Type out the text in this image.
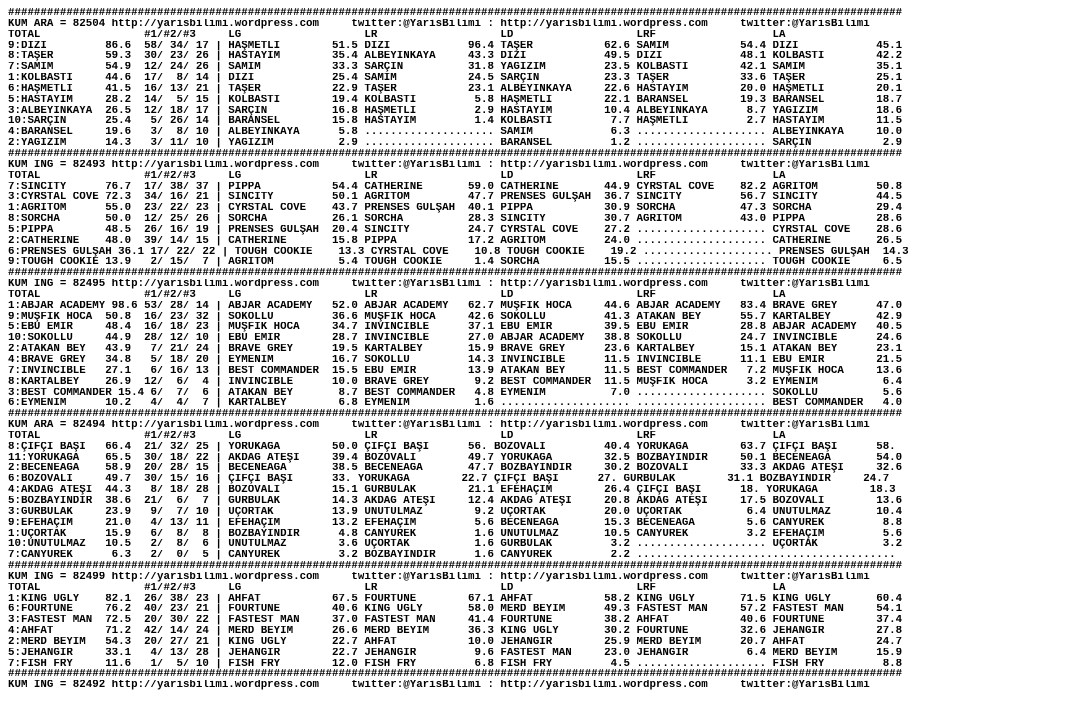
##########################################################################################################################################
KUM ARA = 82504 http://yarisbilimi.wordpress.com     twitter:@YarisBilimi : http://yarisbilimi.wordpress.com     twitter:@YarisBilimi
TOTAL                #1/#2/#3     LG                   LR                   LD                   LRF                  LA
9:DIZİ         86.6  58/ 34/ 17 | HAŞMETLİ        51.5 DIZİ            96.4 TAŞER           62.6 SAMİM           54.4 DIZİ            45.1
8:TAŞER        59.3  30/ 23/ 26 | HASTAYIM        35.4 ALBEYİNKAYA     43.3 DIZİ            49.5 DIZİ            48.1 KOLBASTI        42.2
7:SAMİM        54.9  12/ 24/ 26 | SAMİM           33.3 SARÇIN          31.8 YAĞIZIM         23.5 KOLBASTI        42.1 SAMİM           35.1
1:KOLBASTI     44.6  17/  8/ 14 | DIZİ            25.4 SAMİM           24.5 SARÇIN          23.3 TAŞER           33.6 TAŞER           25.1
6:HAŞMETLİ     41.5  16/ 13/ 21 | TAŞER           22.9 TAŞER           23.1 ALBEYİNKAYA     22.6 HASTAYIM        20.0 HAŞMETLİ        20.1
5:HASTAYIM     28.2  14/  5/ 15 | KOLBASTI        19.4 KOLBASTI         5.8 HAŞMETLİ        22.1 BARANSEL        19.3 BARANSEL        18.7
3:ALBEYİNKAYA  26.5  12/ 18/ 17 | SARÇIN          16.8 HAŞMETLİ         2.9 HASTAYIM        10.4 ALBEYİNKAYA      8.7 YAĞIZIM         18.6
10:SARÇIN      25.4   5/ 26/ 14 | BARANSEL        15.8 HASTAYIM         1.4 KOLBASTI         7.7 HAŞMETLİ         2.7 HASTAYIM        11.5
4:BARANSEL     19.6   3/  8/ 10 | ALBEYİNKAYA      5.8 .................... SAMİM            6.3 .................... ALBEYİNKAYA     10.0
2:YAĞIZIM      14.3   3/ 11/ 10 | YAĞIZIM          2.9 .................... BARANSEL         1.2 .................... SARÇIN           2.9
##########################################################################################################################################
KUM İNG = 82493 http://yarisbilimi.wordpress.com     twitter:@YarisBilimi : http://yarisbilimi.wordpress.com     twitter:@YarisBilimi
TOTAL                #1/#2/#3     LG                   LR                   LD                   LRF                  LA
7:SINCITY      76.7  17/ 38/ 37 | PIPPA           54.4 CATHERINE       59.0 CATHERINE       44.9 CYRSTAL COVE    82.2 AGRITOM         50.8
3:CYRSTAL COVE 72.3  34/ 16/ 21 | SINCITY         50.1 AGRITOM         47.7 PRENSES GÜLŞAH  36.7 SINCITY         56.7 SINCITY         44.5
1:AGRITOM      55.0  23/ 22/ 23 | CYRSTAL COVE    43.7 PRENSES GÜLŞAH  40.1 PIPPA           30.9 SORCHA          47.3 SORCHA          29.4
8:SORCHA       50.0  12/ 25/ 26 | SORCHA          26.1 SORCHA          28.3 SINCITY         30.7 AGRITOM         43.0 PIPPA           28.6
5:PIPPA        48.5  26/ 16/ 19 | PRENSES GÜLŞAH  20.4 SINCITY         24.7 CYRSTAL COVE    27.2 .................... CYRSTAL COVE    28.6
2:CATHERINE    48.0  39/ 14/ 15 | CATHERINE       15.8 PIPPA           17.2 AGRITOM         24.0 .................... CATHERINE       26.5
6:PRENSES GÜLŞAH 36.1 17/ 22/ 22 | TOUGH COOKIE    13.3 CYRSTAL COVE    10.8 TOUGH COOKIE    19.2 .................... PRENSES GÜLŞAH  14.3
9:TOUGH COOKIE 13.9   2/ 15/  7 | AGRITOM          5.4 TOUGH COOKIE     1.4 SORCHA          15.5 .................... TOUGH COOKIE     6.5
##########################################################################################################################################
KUM İNG = 82495 http://yarisbilimi.wordpress.com     twitter:@YarisBilimi : http://yarisbilimi.wordpress.com     twitter:@YarisBilimi
TOTAL                #1/#2/#3     LG                   LR                   LD                   LRF                  LA
1:ABJAR ACADEMY 98.6 53/ 28/ 14 | ABJAR ACADEMY   52.0 ABJAR ACADEMY   62.7 MÜŞFİK HOCA     44.6 ABJAR ACADEMY   83.4 BRAVE GREY      47.0
9:MÜŞFİK HOCA  50.8  16/ 23/ 32 | SOKOLLU         36.6 MÜŞFİK HOCA     42.6 SOKOLLU         41.3 ATAKAN BEY      55.7 KARTALBEY       42.9
5:EBU EMİR     48.4  16/ 18/ 23 | MÜŞFİK HOCA     34.7 INVINCIBLE      37.1 EBU EMİR        39.5 EBU EMİR        28.8 ABJAR ACADEMY   40.5
10:SOKOLLU     44.9  28/ 12/ 10 | EBU EMİR        28.7 INVINCIBLE      27.0 ABJAR ACADEMY   38.8 SOKOLLU         24.7 INVINCIBLE      24.6
2:ATAKAN BEY   43.9   7/ 21/ 24 | BRAVE GREY      19.5 KARTALBEY       15.9 BRAVE GREY      23.6 KARTALBEY       15.1 ATAKAN BEY      23.1
4:BRAVE GREY   34.8   5/ 18/ 20 | EYMENİM         16.7 SOKOLLU         14.3 INVINCIBLE      11.5 INVINCIBLE      11.1 EBU EMİR        21.5
7:INVINCIBLE   27.1   6/ 16/ 13 | BEST COMMANDER  15.5 EBU EMİR        13.9 ATAKAN BEY      11.5 BEST COMMANDER   7.2 MÜŞFİK HOCA     13.6
8:KARTALBEY    26.9  12/  6/  4 | INVINCIBLE      10.0 BRAVE GREY       9.2 BEST COMMANDER  11.5 MÜŞFİK HOCA      3.2 EYMENİM          6.4
3:BEST COMMANDER 15.4 6/  7/  6 | ATAKAN BEY       8.7 BEST COMMANDER   4.8 EYMENİM          7.0 .................... SOKOLLU          5.6
6:EYMENİM      10.2   4/  4/  7 | KARTALBEY        6.8 EYMENİM          1.6 .................... .................... BEST COMMANDER   4.0
##########################################################################################################################################
KUM ARA = 82494 http://yarisbilimi.wordpress.com     twitter:@YarisBilimi : http://yarisbilimi.wordpress.com     twitter:@YarisBilimi
TOTAL                #1/#2/#3     LG                   LR                   LD                   LRF                  LA
8:ÇİFÇİ BAŞI   66.4  21/ 32/ 25 | YÖRÜKAĞA        50.0 ÇİFÇİ BAŞI      56. BOZOVALI         40.4 YÖRÜKAĞA        63.7 ÇİFÇİ BAŞI      58.
11:YÖRÜKAĞA    65.5  30/ 18/ 22 | AKDAĞ ATEŞİ     39.4 BOZOVALI        49.7 YÖRÜKAĞA        32.5 BOZBAYINDIR     50.1 BECENEAĞA       54.0
2:BECENEAĞA    58.9  20/ 28/ 15 | BECENEAĞA       38.5 BECENEAĞA       47.7 BOZBAYINDIR     30.2 BOZOVALI        33.3 AKDAĞ ATEŞİ     32.6
6:BOZOVALI     49.7  30/ 15/ 16 | ÇİFÇİ BAŞI      33. YÖRÜKAĞA        22.7 ÇİFÇİ BAŞI      27. GÜRBULAK        31.1 BOZBAYINDIR     24.7
4:AKDAĞ ATEŞİ  44.3   8/ 18/ 28 | BOZOVALI        15.1 GÜRBULAK        21.1 EFEHAÇİM        26.4 ÇİFÇİ BAŞI      18. YÖRÜKAĞA        18.3
5:BOZBAYINDIR  38.6  21/  6/  7 | GÜRBULAK        14.3 AKDAĞ ATEŞİ     12.4 AKDAĞ ATEŞİ     20.8 AKDAĞ ATEŞİ     17.5 BOZOVALI        13.6
3:GÜRBULAK     23.9   9/  7/ 10 | UÇORTAK         13.9 UNUTULMAZ        9.2 UÇORTAK         20.0 UÇORTAK          6.4 UNUTULMAZ       10.4
9:EFEHAÇİM     21.0   4/ 13/ 11 | EFEHAÇİM        13.2 EFEHAÇİM         5.6 BECENEAĞA       15.3 BECENEAĞA        5.6 CANYÜREK         8.8
1:UÇORTAK      15.9   6/  8/  8 | BOZBAYINDIR      4.8 CANYÜREK         1.6 UNUTULMAZ       10.5 CANYÜREK         3.2 EFEHAÇİM         5.6
10:ÜNUTULMAZ   10.5   2/  8/  6 | UNUTULMAZ        3.6 UÇORTAK          1.6 GÜRBULAK         3.2 .................... UÇORTAK          3.2
7:CANYÜREK      6.3   2/  0/  5 | CANYÜREK         3.2 BOZBAYINDIR      1.6 CANYÜREK         2.2 ........................................
##########################################################################################################################################
KUM İNG = 82499 http://yarisbilimi.wordpress.com     twitter:@YarisBilimi : http://yarisbilimi.wordpress.com     twitter:@YarisBilimi
TOTAL                #1/#2/#3     LG                   LR                   LD                   LRF                  LA
1:KING UGLY    82.1  26/ 38/ 23 | AHFAT           67.5 FOURTUNE        67.1 AHFAT           58.2 KING UGLY       71.5 KING UGLY       60.4
6:FOURTUNE     76.2  40/ 23/ 21 | FOURTUNE        40.6 KING UGLY       58.0 MERD BEYİM      49.3 FASTEST MAN     57.2 FASTEST MAN     54.1
3:FASTEST MAN  72.5  20/ 30/ 22 | FASTEST MAN     37.0 FASTEST MAN     41.4 FOURTUNE        38.2 AHFAT           40.6 FOURTUNE        37.4
4:AHFAT        71.2  42/ 14/ 24 | MERD BEYİM      26.6 MERD BEYİM      36.3 KING UGLY       30.2 FOURTUNE        32.6 JEHANGIR        27.8
2:MERD BEYİM   54.3  20/ 27/ 21 | KING UGLY       22.7 AHFAT           10.0 JEHANGIR        25.9 MERD BEYİM      20.7 AHFAT           24.7
5:JEHANGIR     33.1   4/ 13/ 28 | JEHANGIR        22.7 JEHANGIR         9.6 FASTEST MAN     23.0 JEHANGIR         6.4 MERD BEYİM      15.9
7:FISH FRY     11.6   1/  5/ 10 | FISH FRY        12.0 FISH FRY         6.8 FISH FRY         4.5 .................... FISH FRY         8.8
##########################################################################################################################################
KUM İNG = 82492 http://yarisbilimi.wordpress.com     twitter:@YarisBilimi : http://yarisbilimi.wordpress.com     twitter:@YarisBilimi
